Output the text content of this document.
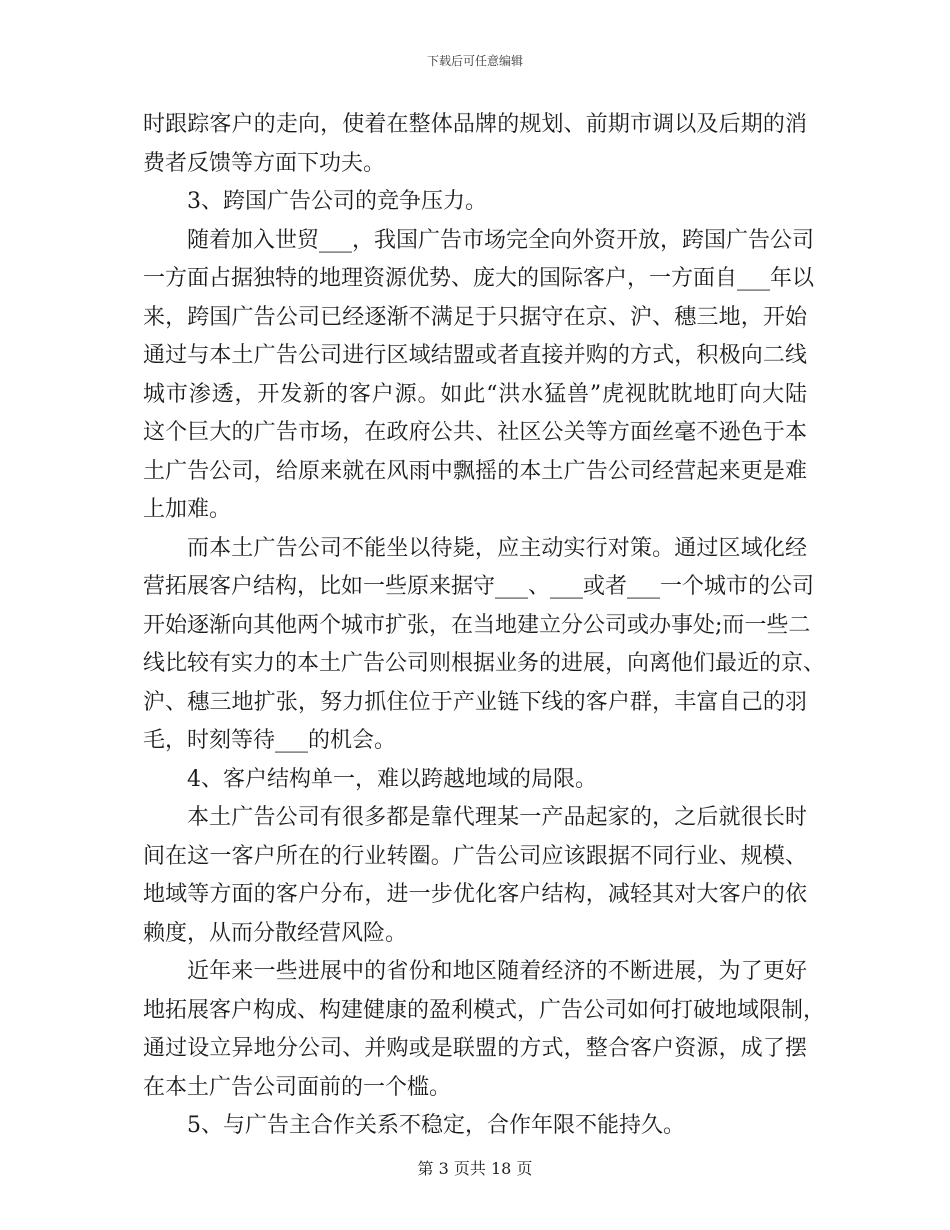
下载后可任意编辑
时跟踪客户的走向，使着在整体品牌的规划、前期市调以及后期的消
费者反馈等方面下功夫。
3、跨国广告公司的竞争压力。
随着加入世贸___，我国广告市场完全向外资开放，跨国广告公司
一方面占据独特的地理资源优势、庞大的国际客户，一方面自___年以
来，跨国广告公司已经逐渐不满足于只据守在京、沪、穗三地，开始
通过与本土广告公司进行区域结盟或者直接并购的方式，积极向二线
城市渗透，开发新的客户源。如此“洪水猛兽”虎视眈眈地盯向大陆
这个巨大的广告市场，在政府公共、社区公关等方面丝毫不逊色于本
土广告公司，给原来就在风雨中飘摇的本土广告公司经营起来更是难
上加难。
而本土广告公司不能坐以待毙，应主动实行对策。通过区域化经
营拓展客户结构，比如一些原来据守___、___或者___一个城市的公司
开始逐渐向其他两个城市扩张，在当地建立分公司或办事处;而一些二
线比较有实力的本土广告公司则根据业务的进展，向离他们最近的京、
沪、穗三地扩张，努力抓住位于产业链下线的客户群，丰富自己的羽
毛，时刻等待___的机会。
4、客户结构单一，难以跨越地域的局限。
本土广告公司有很多都是靠代理某一产品起家的，之后就很长时
间在这一客户所在的行业转圈。广告公司应该跟据不同行业、规模、
地域等方面的客户分布，进一步优化客户结构，减轻其对大客户的依
赖度，从而分散经营风险。
近年来一些进展中的省份和地区随着经济的不断进展，为了更好
地拓展客户构成、构建健康的盈利模式，广告公司如何打破地域限制，
通过设立异地分公司、并购或是联盟的方式，整合客户资源，成了摆
在本土广告公司面前的一个槛。
5、与广告主合作关系不稳定，合作年限不能持久。
第 3 页共 18 页
